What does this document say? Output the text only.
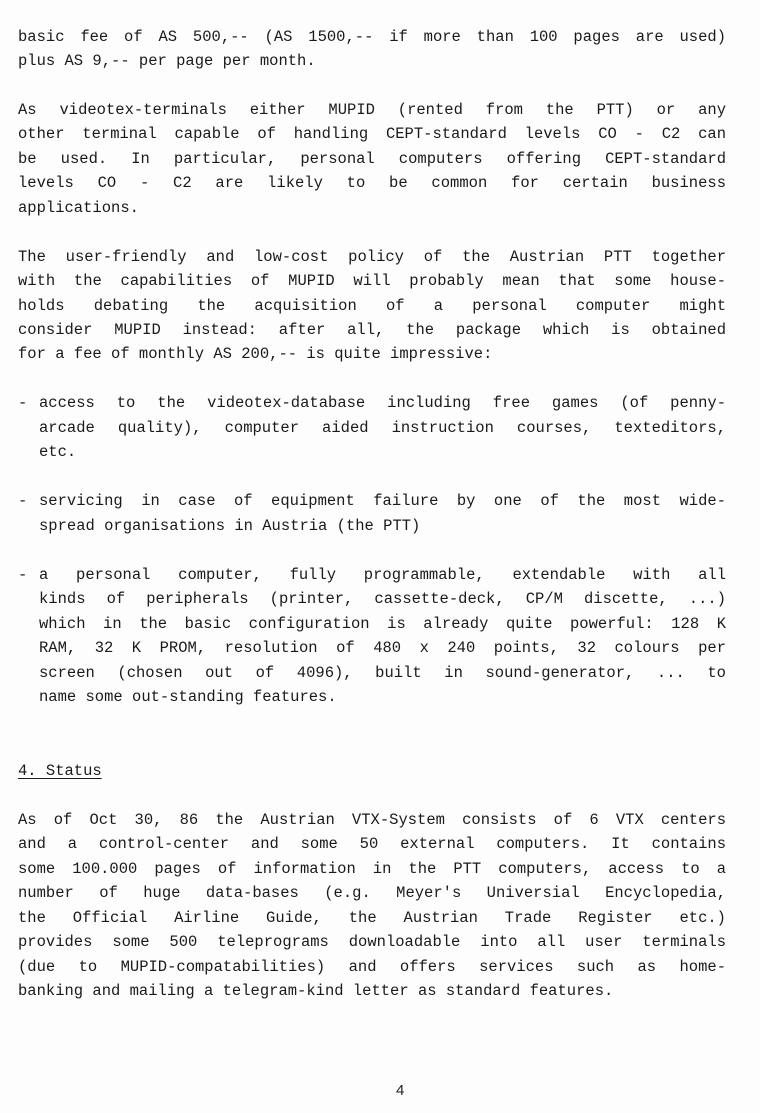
basic fee of AS 500,-- (AS 1500,-- if more than 100 pages are used)
plus AS 9,-- per page per month.
As videotex-terminals either MUPID (rented from the PTT) or any
other terminal capable of handling CEPT-standard levels CO - C2 can
be used. In particular, personal computers offering CEPT-standard
levels CO - C2 are likely to be common for certain business
applications.
The user-friendly and low-cost policy of the Austrian PTT together
with the capabilities of MUPID will probably mean that some house-
holds debating the acquisition of a personal computer might
consider MUPID instead: after all, the package which is obtained
for a fee of monthly AS 200,-- is quite impressive:
- access to the videotex-database including free games (of penny-
arcade quality), computer aided instruction courses, texteditors,
etc.
- servicing in case of equipment failure by one of the most wide-
spread organisations in Austria (the PTT)
- a personal computer, fully programmable, extendable with all
kinds of peripherals (printer, cassette-deck, CP/M discette, ...)
which in the basic configuration is already quite powerful: 128 K
RAM, 32 K PROM, resolution of 480 x 240 points, 32 colours per
screen (chosen out of 4096), built in sound-generator, ... to
name some out-standing features.
4. Status
As of Oct 30, 86 the Austrian VTX-System consists of 6 VTX centers
and a control-center and some 50 external computers. It contains
some 100.000 pages of information in the PTT computers, access to a
number of huge data-bases (e.g. Meyer's Universial Encyclopedia,
the Official Airline Guide, the Austrian Trade Register etc.)
provides some 500 teleprograms downloadable into all user terminals
(due to MUPID-compatabilities) and offers services such as home-
banking and mailing a telegram-kind letter as standard features.
4
